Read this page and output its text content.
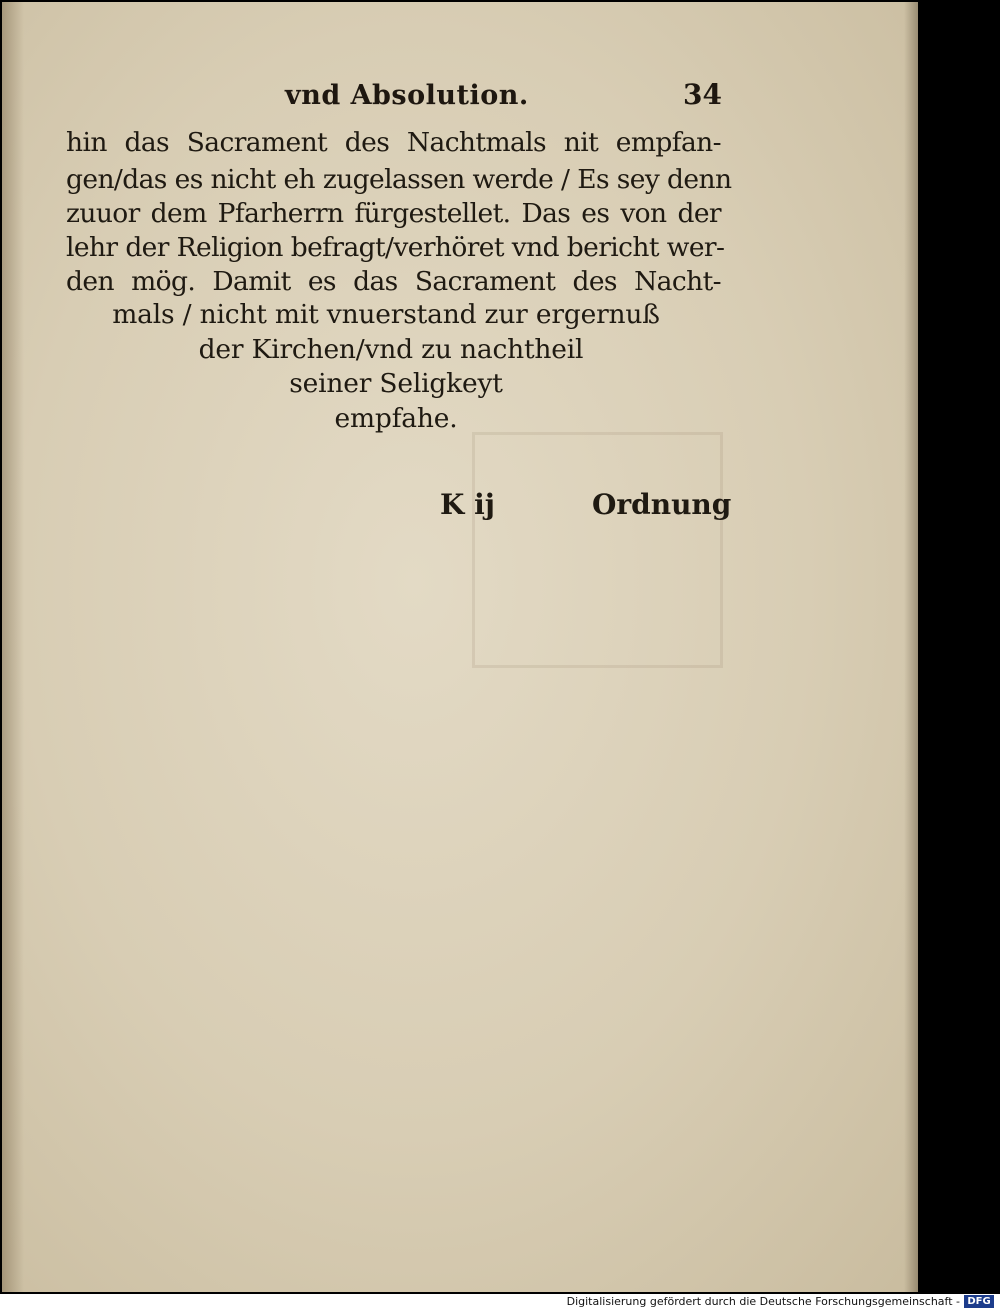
vnd Absolution.	34
hin das Sacrament des Nachtmals nit empfan-
gen/das es nicht eh zugelassen werde / Es sey denn
zuuor dem Pfarherrn fürgestellet. Das es von der
lehr der Religion befragt/verhöret vnd bericht wer-
den mög. Damit es das Sacrament des Nacht-
mals / nicht mit vnuerstand zur ergernuß
der Kirchen/vnd zu nachtheil
seiner Seligkeyt
empfahe.
K ij	Ordnung
Digitalisierung gefördert durch die Deutsche Forschungsgemeinschaft - DFG
